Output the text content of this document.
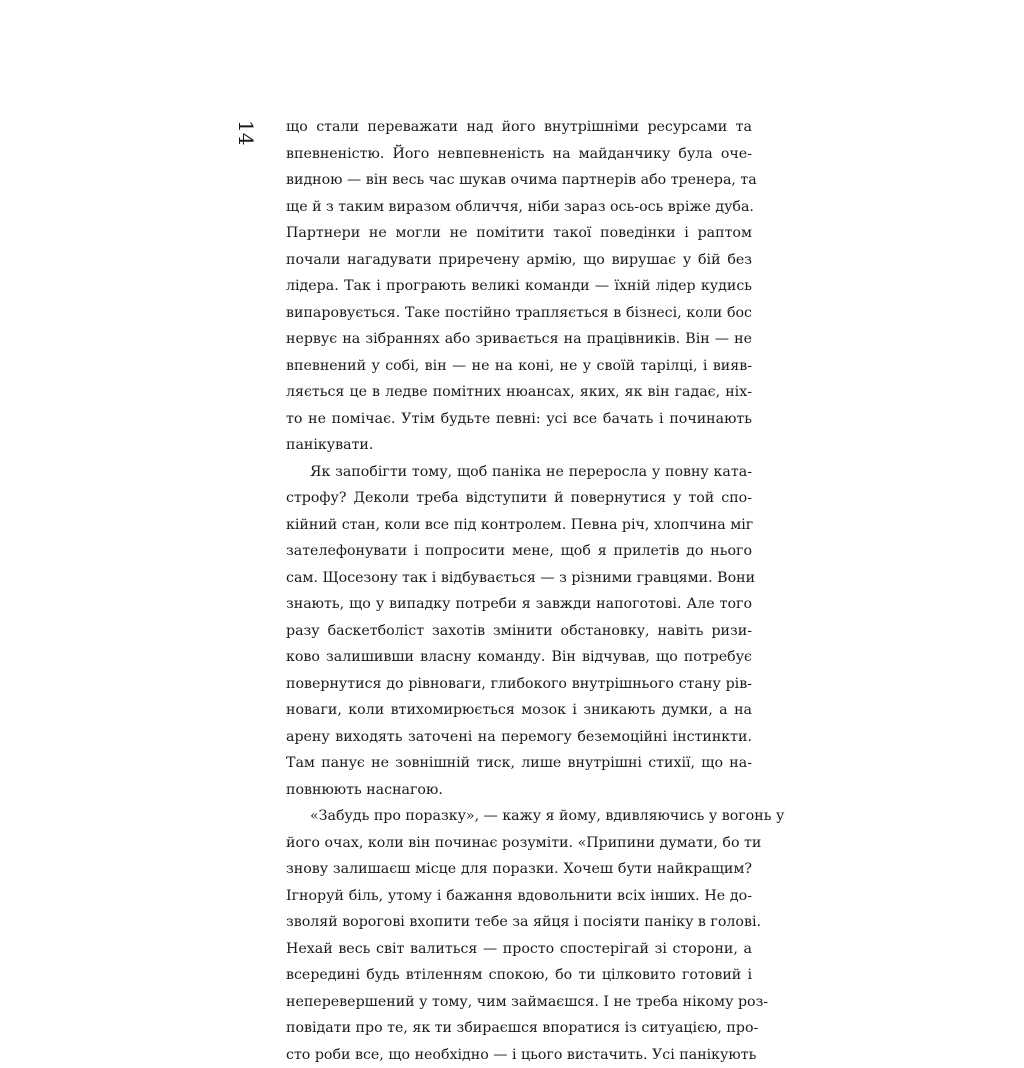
14 що стали переважати над його внутрішніми ресурсами та
впевненістю. Його невпевненість на майданчику була оче-
видною — він весь час шукав очима партнерів або тренера, та
ще й з таким виразом обличчя, ніби зараз ось-ось вріже дуба.
Партнери не могли не помітити такої поведінки і раптом
почали нагадувати приречену армію, що вирушає у бій без
лідера. Так і програють великі команди — їхній лідер кудись
випаровується. Таке постійно трапляється в бізнесі, коли бос
нервує на зібраннях або зривається на працівників. Він — не
впевнений у собі, він — не на коні, не у своїй тарілці, і вияв-
ляється це в ледве помітних нюансах, яких, як він гадає, ніх-
то не помічає. Утім будьте певні: усі все бачать і починають
панікувати.

Як запобігти тому, щоб паніка не переросла у повну ката-
строфу? Деколи треба відступити й повернутися у той спо-
кійний стан, коли все під контролем. Певна річ, хлопчина міг
зателефонувати і попросити мене, щоб я прилетів до нього
сам. Щосезону так і відбувається — з різними гравцями. Вони
знають, що у випадку потреби я завжди напоготові. Але того
разу баскетболіст захотів змінити обстановку, навіть ризи-
ково залишивши власну команду. Він відчував, що потребує
повернутися до рівноваги, глибокого внутрішнього стану рів-
новаги, коли втихомирюється мозок і зникають думки, а на
арену виходять заточені на перемогу беземоційні інстинкти.
Там панує не зовнішній тиск, лише внутрішні стихії, що на-
повнюють наснагою.

«Забудь про поразку», — кажу я йому, вдивляючись у вогонь у
його очах, коли він починає розуміти. «Припини думати, бо ти
знову залишаєш місце для поразки. Хочеш бути найкращим?
Ігноруй біль, утому і бажання вдовольнити всіх інших. Не до-
зволяй ворогові вхопити тебе за яйця і посіяти паніку в голові.
Нехай весь світ валиться — просто спостерігай зі сторони, а
всередині будь втіленням спокою, бо ти цілковито готовий і
неперевершений у тому, чим займаєшся. І не треба нікому роз-
повідати про те, як ти збираєшся впоратися із ситуацією, про-
сто роби все, що необхідно — і цього вистачить. Усі панікують
